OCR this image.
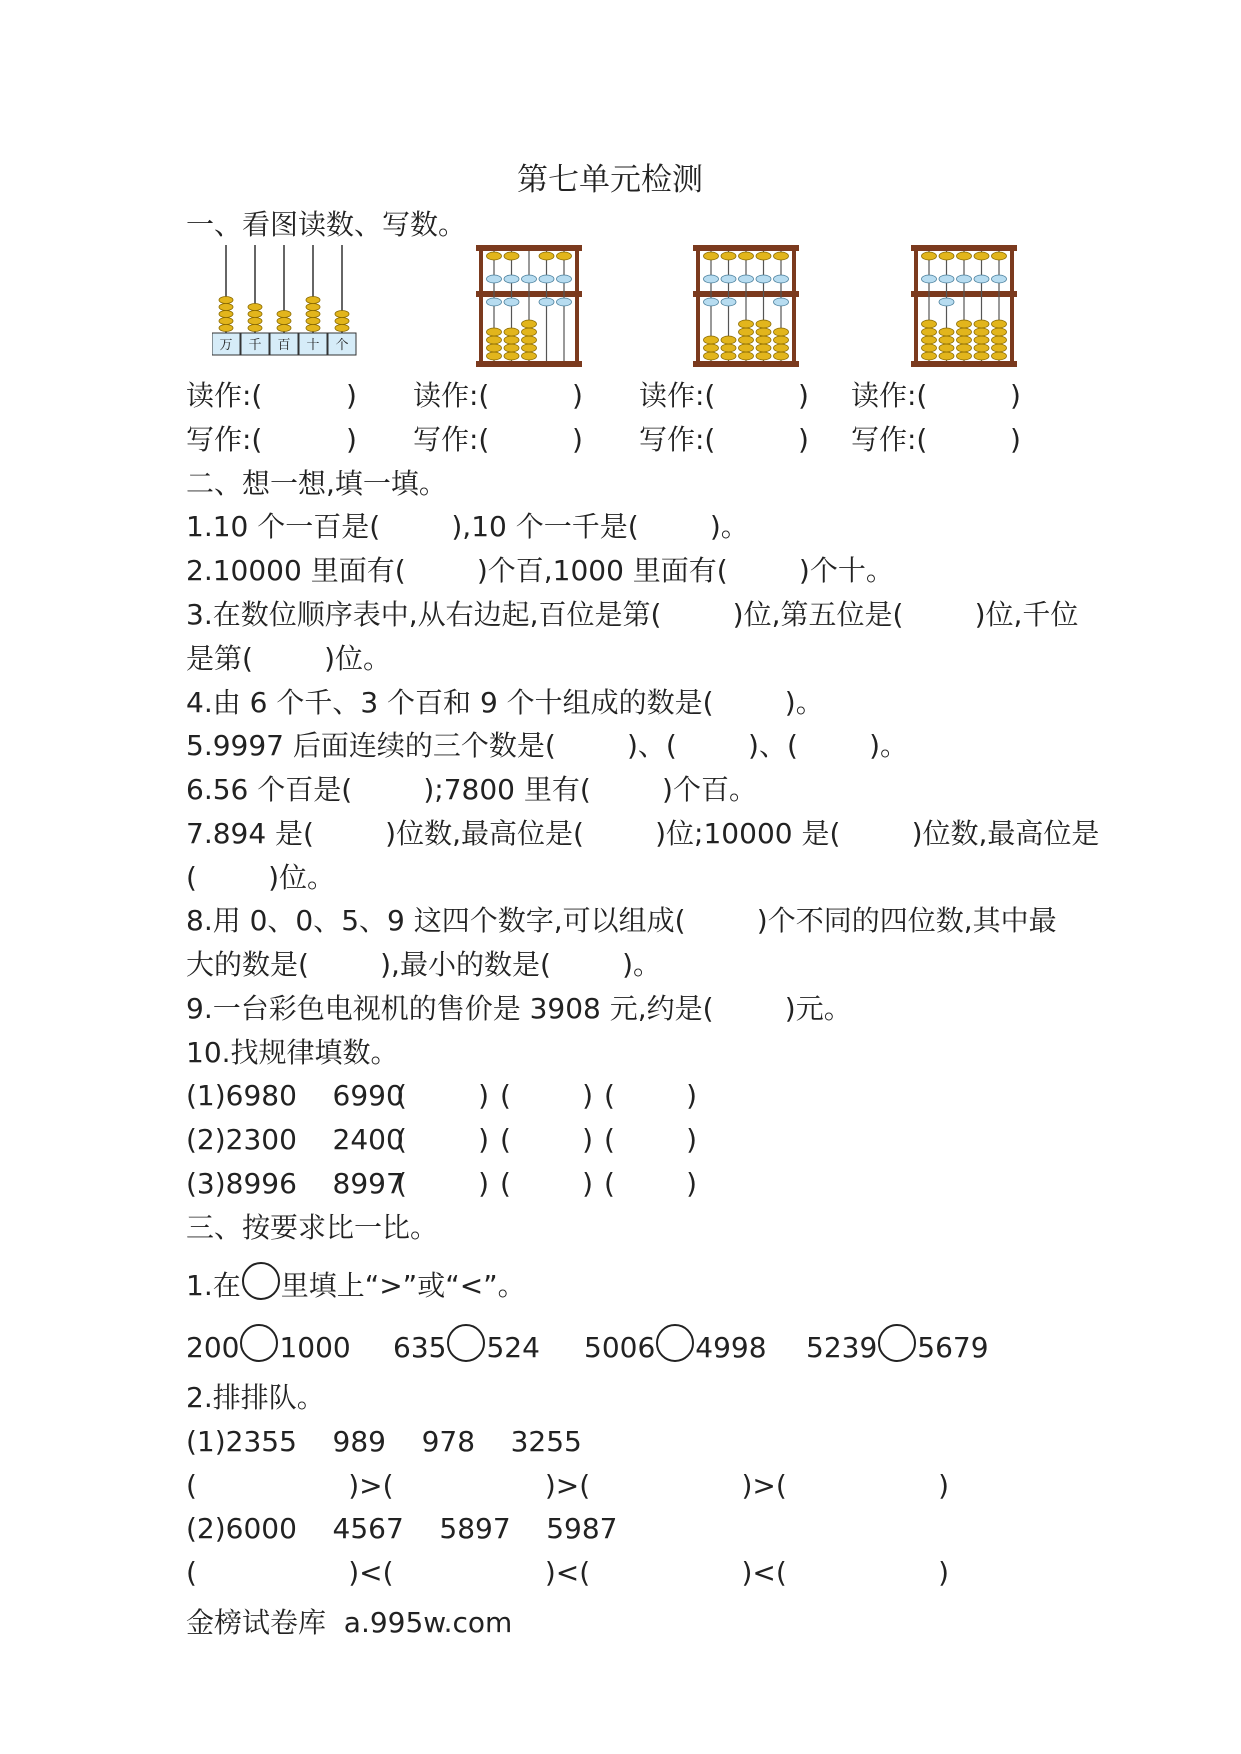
第七单元检测
一、看图读数、写数。
万 千 百 十 个
读作:(	) 读作:(	) 读作:(	) 读作:(	)
写作:(	) 写作:(	) 写作:(	) 写作:(	)
二、想一想,填一填。
1.10 个一百是(        ),10 个一千是(        )。
2.10000 里面有(        )个百,1000 里面有(        )个十。
3.在数位顺序表中,从右边起,百位是第(        )位,第五位是(        )位,千位
是第(        )位。
4.由 6 个千、3 个百和 9 个十组成的数是(        )。
5.9997 后面连续的三个数是(        )、(        )、(        )。
6.56 个百是(        );7800 里有(        )个百。
7.894 是(        )位数,最高位是(        )位;10000 是(        )位数,最高位是
(        )位。
8.用 0、0、5、9 这四个数字,可以组成(        )个不同的四位数,其中最
大的数是(        ),最小的数是(        )。
9.一台彩色电视机的售价是 3908 元,约是(        )元。
10.找规律填数。
(1)6980    6990
(        ) (        ) (        )
(2)2300    2400
(        ) (        ) (        )
(3)8996    8997
(        ) (        ) (        )
三、按要求比一比。
1.在 里填上“>”或“<”。
200 1000 635 524 5006 4998 5239 5679
2.排排队。
(1)2355    989    978    3255
(                 )>(                 )>(                 )>(                 )
(2)6000    4567    5897    5987
(                 )<(                 )<(                 )<(                 )
金榜试卷库  a.995w.com
